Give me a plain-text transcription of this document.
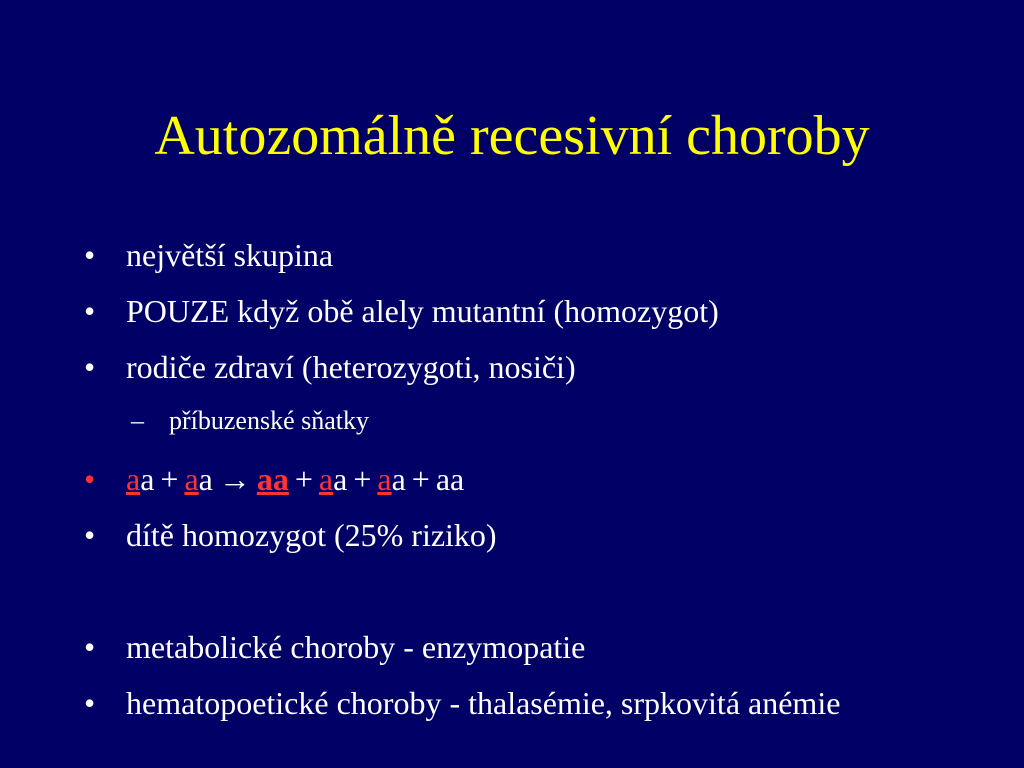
Autozomálně recesivní choroby
• největší skupina
• POUZE když obě alely mutantní (homozygot)
• rodiče zdraví (heterozygoti, nosiči)
– příbuzenské sňatky
• aa + aa → aa + aa + aa + aa
• dítě homozygot (25% riziko)
• metabolické choroby - enzymopatie
• hematopoetické choroby - thalasémie, srpkovitá anémie
